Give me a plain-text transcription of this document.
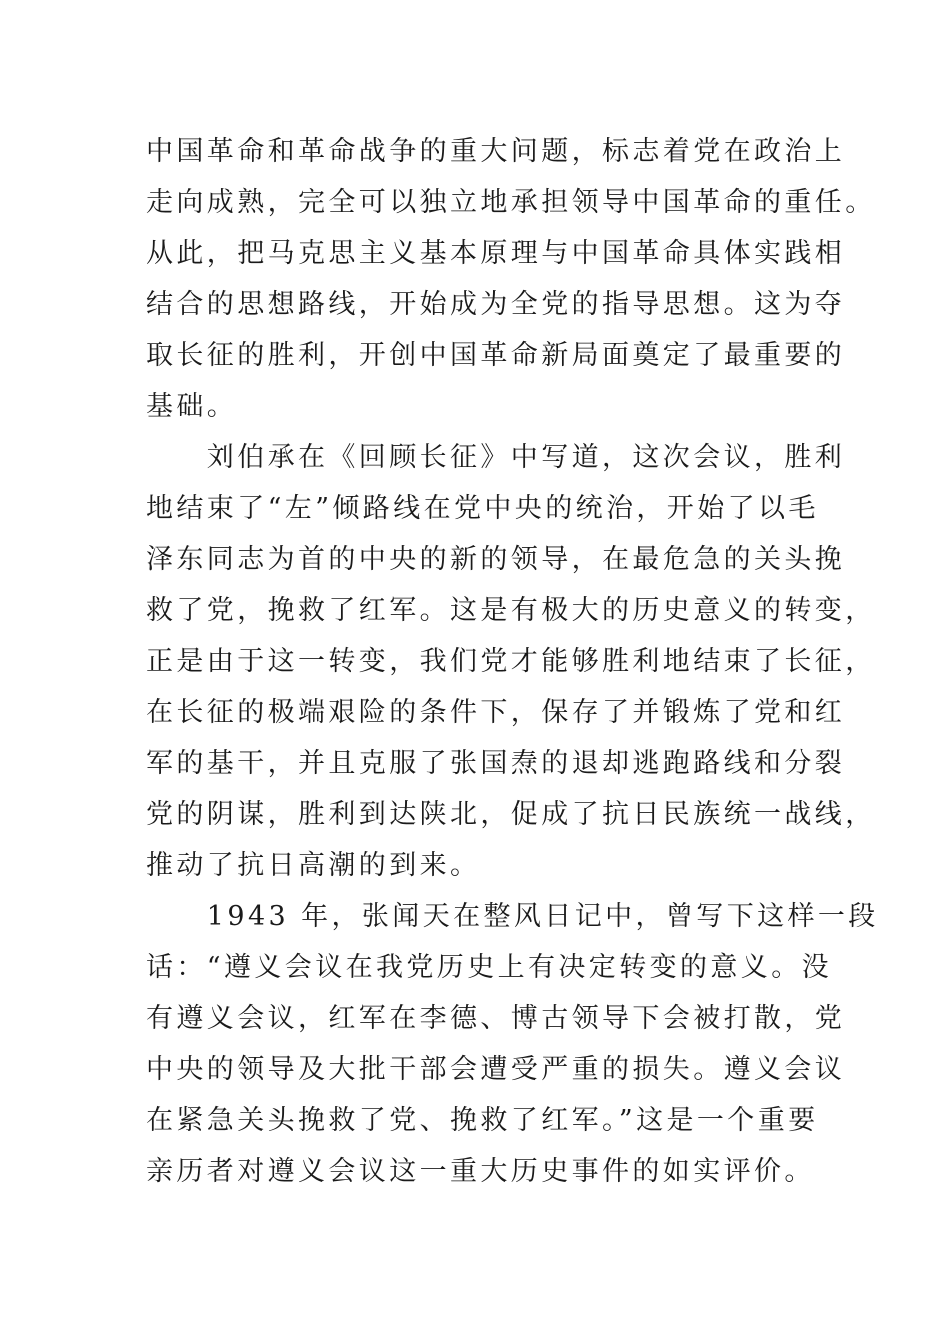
中国革命和革命战争的重大问题，标志着党在政治上
走向成熟，完全可以独立地承担领导中国革命的重任。
从此，把马克思主义基本原理与中国革命具体实践相
结合的思想路线，开始成为全党的指导思想。这为夺
取长征的胜利，开创中国革命新局面奠定了最重要的
基础。
　　刘伯承在《回顾长征》中写道，这次会议，胜利
地结束了“左”倾路线在党中央的统治，开始了以毛
泽东同志为首的中央的新的领导，在最危急的关头挽
救了党，挽救了红军。这是有极大的历史意义的转变，
正是由于这一转变，我们党才能够胜利地结束了长征，
在长征的极端艰险的条件下，保存了并锻炼了党和红
军的基干，并且克服了张国焘的退却逃跑路线和分裂
党的阴谋，胜利到达陕北，促成了抗日民族统一战线，
推动了抗日高潮的到来。
　　1943 年，张闻天在整风日记中，曾写下这样一段
话：“遵义会议在我党历史上有决定转变的意义。没
有遵义会议，红军在李德、博古领导下会被打散，党
中央的领导及大批干部会遭受严重的损失。遵义会议
在紧急关头挽救了党、挽救了红军。”这是一个重要
亲历者对遵义会议这一重大历史事件的如实评价。
